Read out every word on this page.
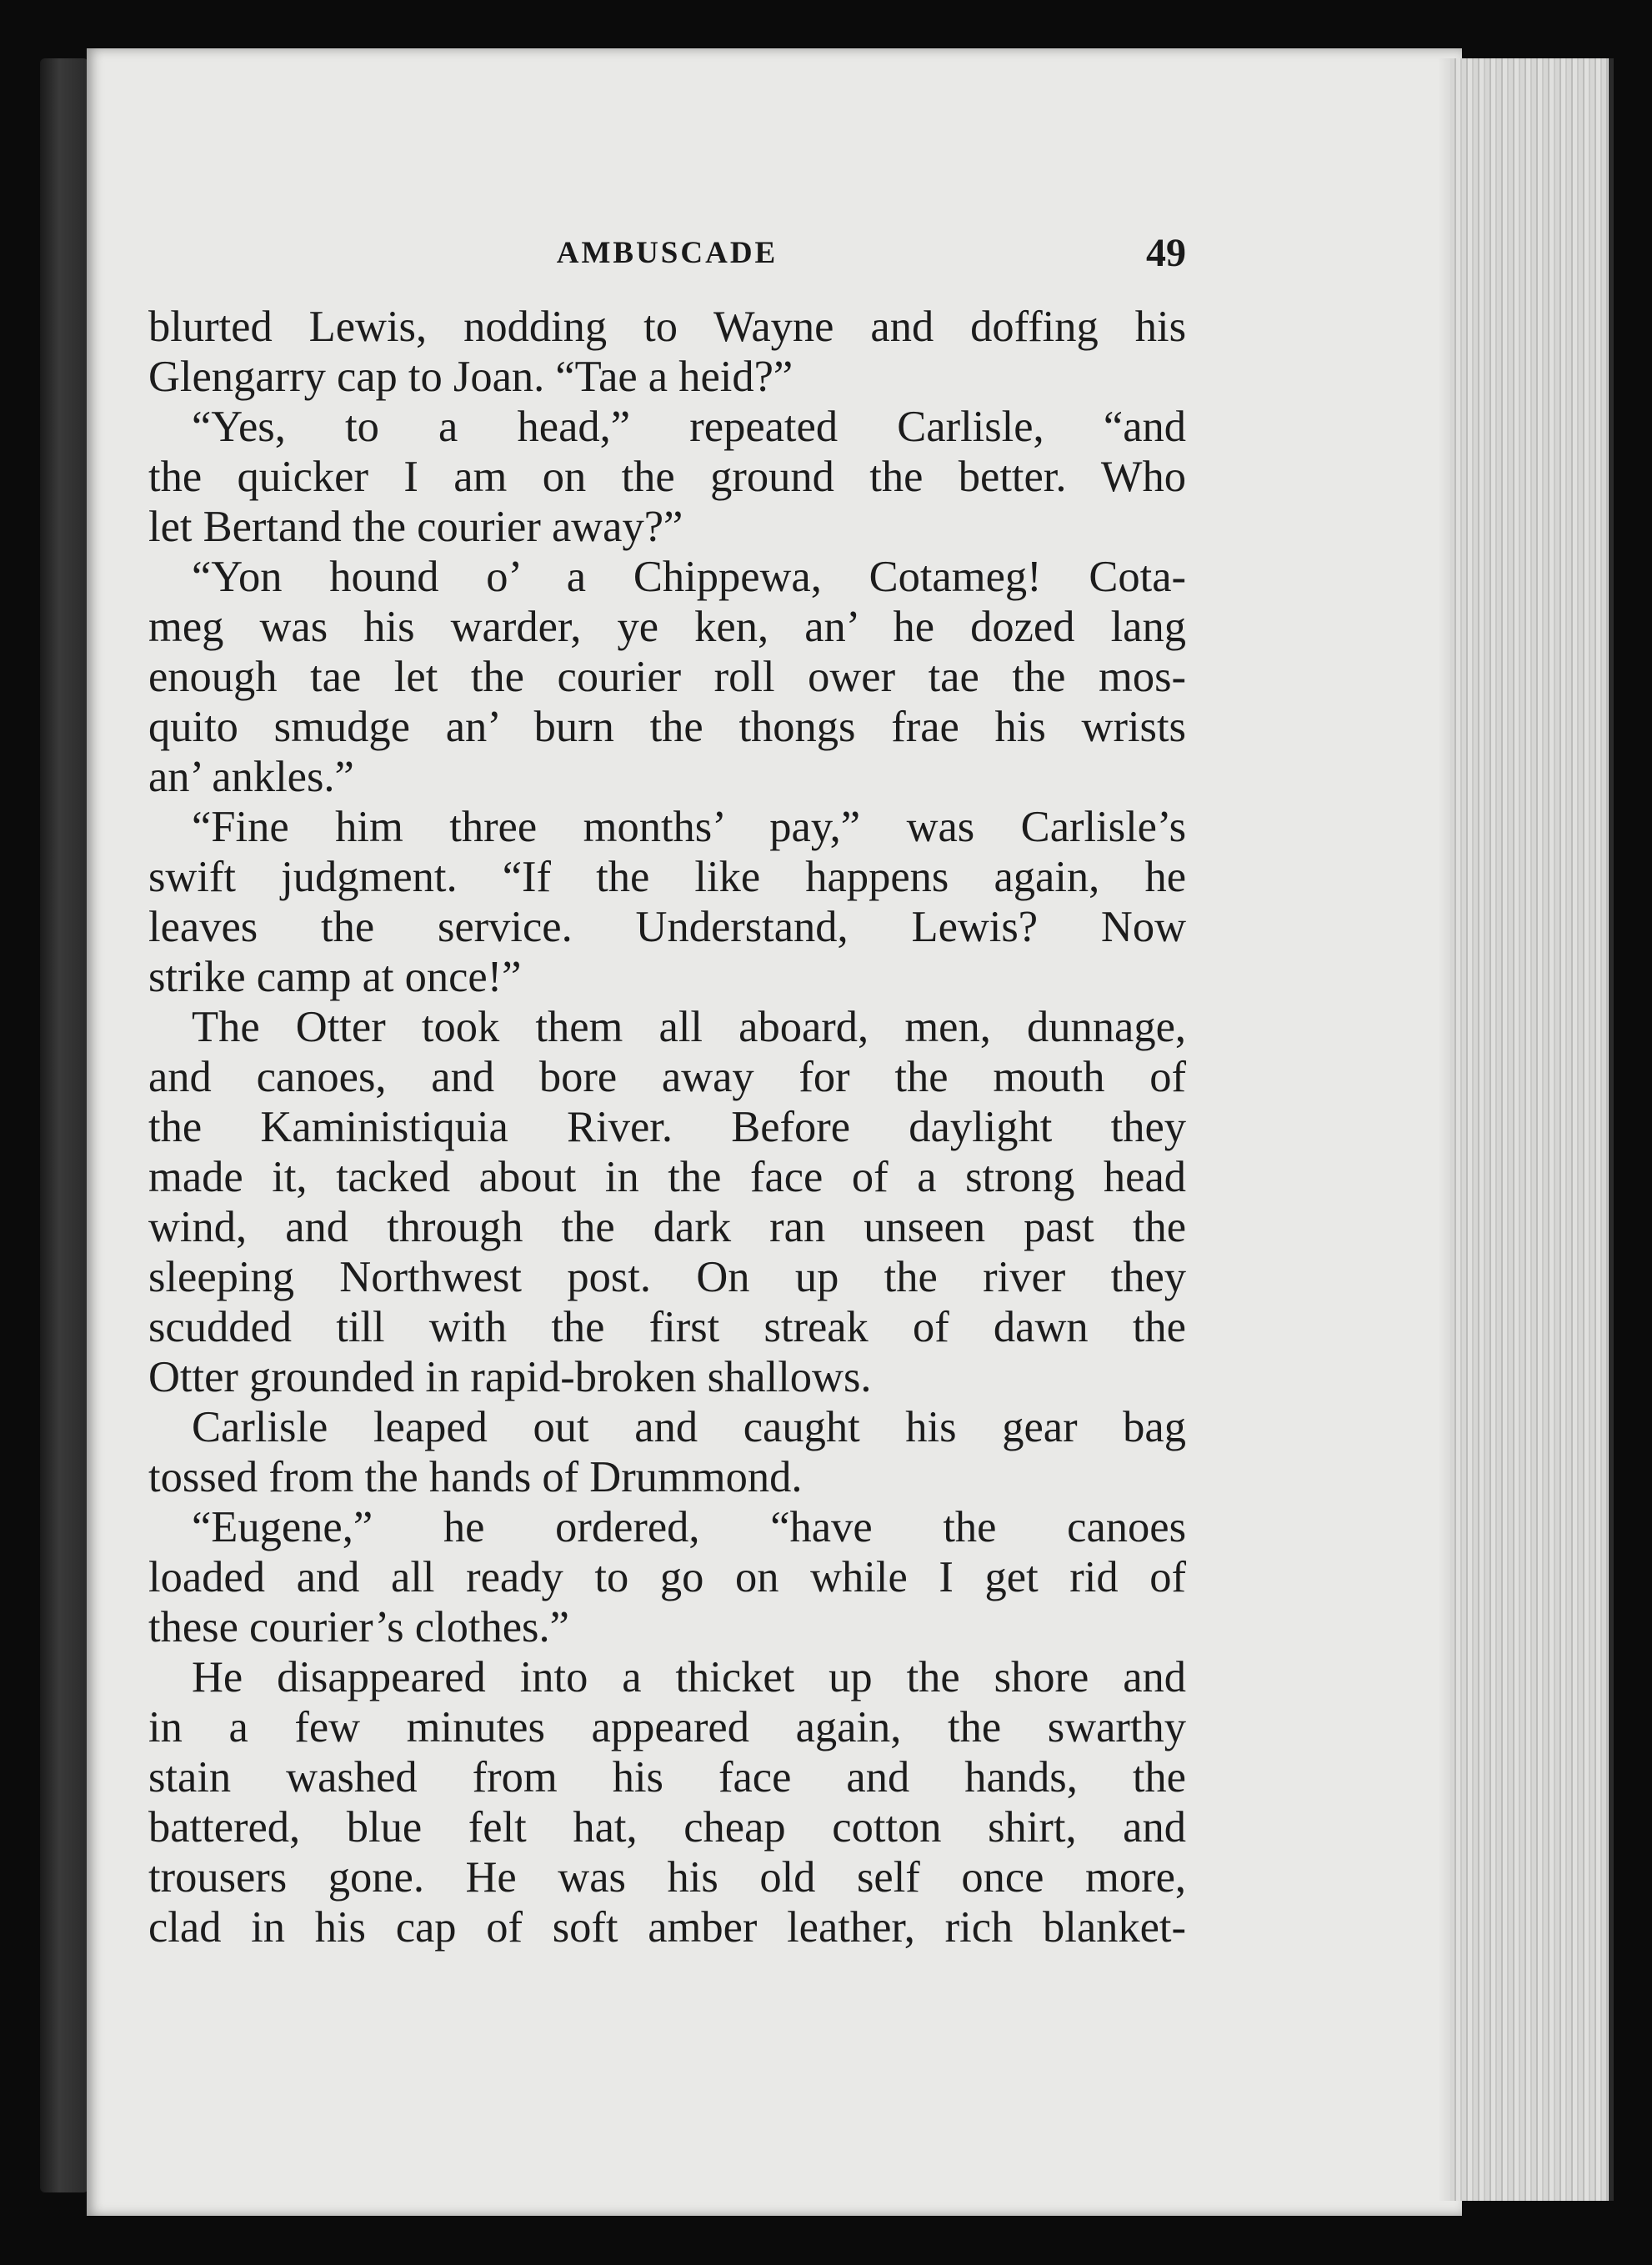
AMBUSCADE	49
blurted Lewis, nodding to Wayne and doffing his
Glengarry cap to Joan. “Tae a heid?”
“Yes, to a head,” repeated Carlisle, “and
the quicker I am on the ground the better. Who
let Bertand the courier away?”
“Yon hound o’ a Chippewa, Cotameg! Cota-
meg was his warder, ye ken, an’ he dozed lang
enough tae let the courier roll ower tae the mos-
quito smudge an’ burn the thongs frae his wrists
an’ ankles.”
“Fine him three months’ pay,” was Carlisle’s
swift judgment. “If the like happens again, he
leaves the service. Understand, Lewis? Now
strike camp at once!”
The Otter took them all aboard, men, dunnage,
and canoes, and bore away for the mouth of
the Kaministiquia River. Before daylight they
made it, tacked about in the face of a strong head
wind, and through the dark ran unseen past the
sleeping Northwest post. On up the river they
scudded till with the first streak of dawn the
Otter grounded in rapid-broken shallows.
Carlisle leaped out and caught his gear bag
tossed from the hands of Drummond.
“Eugene,” he ordered, “have the canoes
loaded and all ready to go on while I get rid of
these courier’s clothes.”
He disappeared into a thicket up the shore and
in a few minutes appeared again, the swarthy
stain washed from his face and hands, the
battered, blue felt hat, cheap cotton shirt, and
trousers gone. He was his old self once more,
clad in his cap of soft amber leather, rich blanket-
